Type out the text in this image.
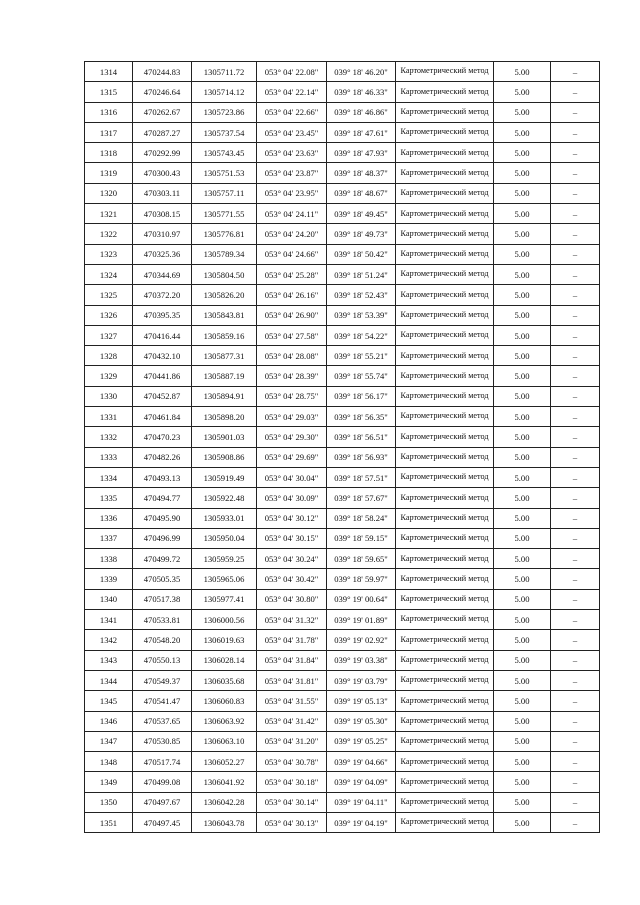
1314	470244.83	1305711.72	053° 04' 22.08"	039° 18' 46.20"	Картометрический метод	5.00	–
1315	470246.64	1305714.12	053° 04' 22.14"	039° 18' 46.33"	Картометрический метод	5.00	–
1316	470262.67	1305723.86	053° 04' 22.66"	039° 18' 46.86"	Картометрический метод	5.00	–
1317	470287.27	1305737.54	053° 04' 23.45"	039° 18' 47.61"	Картометрический метод	5.00	–
1318	470292.99	1305743.45	053° 04' 23.63"	039° 18' 47.93"	Картометрический метод	5.00	–
1319	470300.43	1305751.53	053° 04' 23.87"	039° 18' 48.37"	Картометрический метод	5.00	–
1320	470303.11	1305757.11	053° 04' 23.95"	039° 18' 48.67"	Картометрический метод	5.00	–
1321	470308.15	1305771.55	053° 04' 24.11"	039° 18' 49.45"	Картометрический метод	5.00	–
1322	470310.97	1305776.81	053° 04' 24.20"	039° 18' 49.73"	Картометрический метод	5.00	–
1323	470325.36	1305789.34	053° 04' 24.66"	039° 18' 50.42"	Картометрический метод	5.00	–
1324	470344.69	1305804.50	053° 04' 25.28"	039° 18' 51.24"	Картометрический метод	5.00	–
1325	470372.20	1305826.20	053° 04' 26.16"	039° 18' 52.43"	Картометрический метод	5.00	–
1326	470395.35	1305843.81	053° 04' 26.90"	039° 18' 53.39"	Картометрический метод	5.00	–
1327	470416.44	1305859.16	053° 04' 27.58"	039° 18' 54.22"	Картометрический метод	5.00	–
1328	470432.10	1305877.31	053° 04' 28.08"	039° 18' 55.21"	Картометрический метод	5.00	–
1329	470441.86	1305887.19	053° 04' 28.39"	039° 18' 55.74"	Картометрический метод	5.00	–
1330	470452.87	1305894.91	053° 04' 28.75"	039° 18' 56.17"	Картометрический метод	5.00	–
1331	470461.84	1305898.20	053° 04' 29.03"	039° 18' 56.35"	Картометрический метод	5.00	–
1332	470470.23	1305901.03	053° 04' 29.30"	039° 18' 56.51"	Картометрический метод	5.00	–
1333	470482.26	1305908.86	053° 04' 29.69"	039° 18' 56.93"	Картометрический метод	5.00	–
1334	470493.13	1305919.49	053° 04' 30.04"	039° 18' 57.51"	Картометрический метод	5.00	–
1335	470494.77	1305922.48	053° 04' 30.09"	039° 18' 57.67"	Картометрический метод	5.00	–
1336	470495.90	1305933.01	053° 04' 30.12"	039° 18' 58.24"	Картометрический метод	5.00	–
1337	470496.99	1305950.04	053° 04' 30.15"	039° 18' 59.15"	Картометрический метод	5.00	–
1338	470499.72	1305959.25	053° 04' 30.24"	039° 18' 59.65"	Картометрический метод	5.00	–
1339	470505.35	1305965.06	053° 04' 30.42"	039° 18' 59.97"	Картометрический метод	5.00	–
1340	470517.38	1305977.41	053° 04' 30.80"	039° 19' 00.64"	Картометрический метод	5.00	–
1341	470533.81	1306000.56	053° 04' 31.32"	039° 19' 01.89"	Картометрический метод	5.00	–
1342	470548.20	1306019.63	053° 04' 31.78"	039° 19' 02.92"	Картометрический метод	5.00	–
1343	470550.13	1306028.14	053° 04' 31.84"	039° 19' 03.38"	Картометрический метод	5.00	–
1344	470549.37	1306035.68	053° 04' 31.81"	039° 19' 03.79"	Картометрический метод	5.00	–
1345	470541.47	1306060.83	053° 04' 31.55"	039° 19' 05.13"	Картометрический метод	5.00	–
1346	470537.65	1306063.92	053° 04' 31.42"	039° 19' 05.30"	Картометрический метод	5.00	–
1347	470530.85	1306063.10	053° 04' 31.20"	039° 19' 05.25"	Картометрический метод	5.00	–
1348	470517.74	1306052.27	053° 04' 30.78"	039° 19' 04.66"	Картометрический метод	5.00	–
1349	470499.08	1306041.92	053° 04' 30.18"	039° 19' 04.09"	Картометрический метод	5.00	–
1350	470497.67	1306042.28	053° 04' 30.14"	039° 19' 04.11"	Картометрический метод	5.00	–
1351	470497.45	1306043.78	053° 04' 30.13"	039° 19' 04.19"	Картометрический метод	5.00	–
